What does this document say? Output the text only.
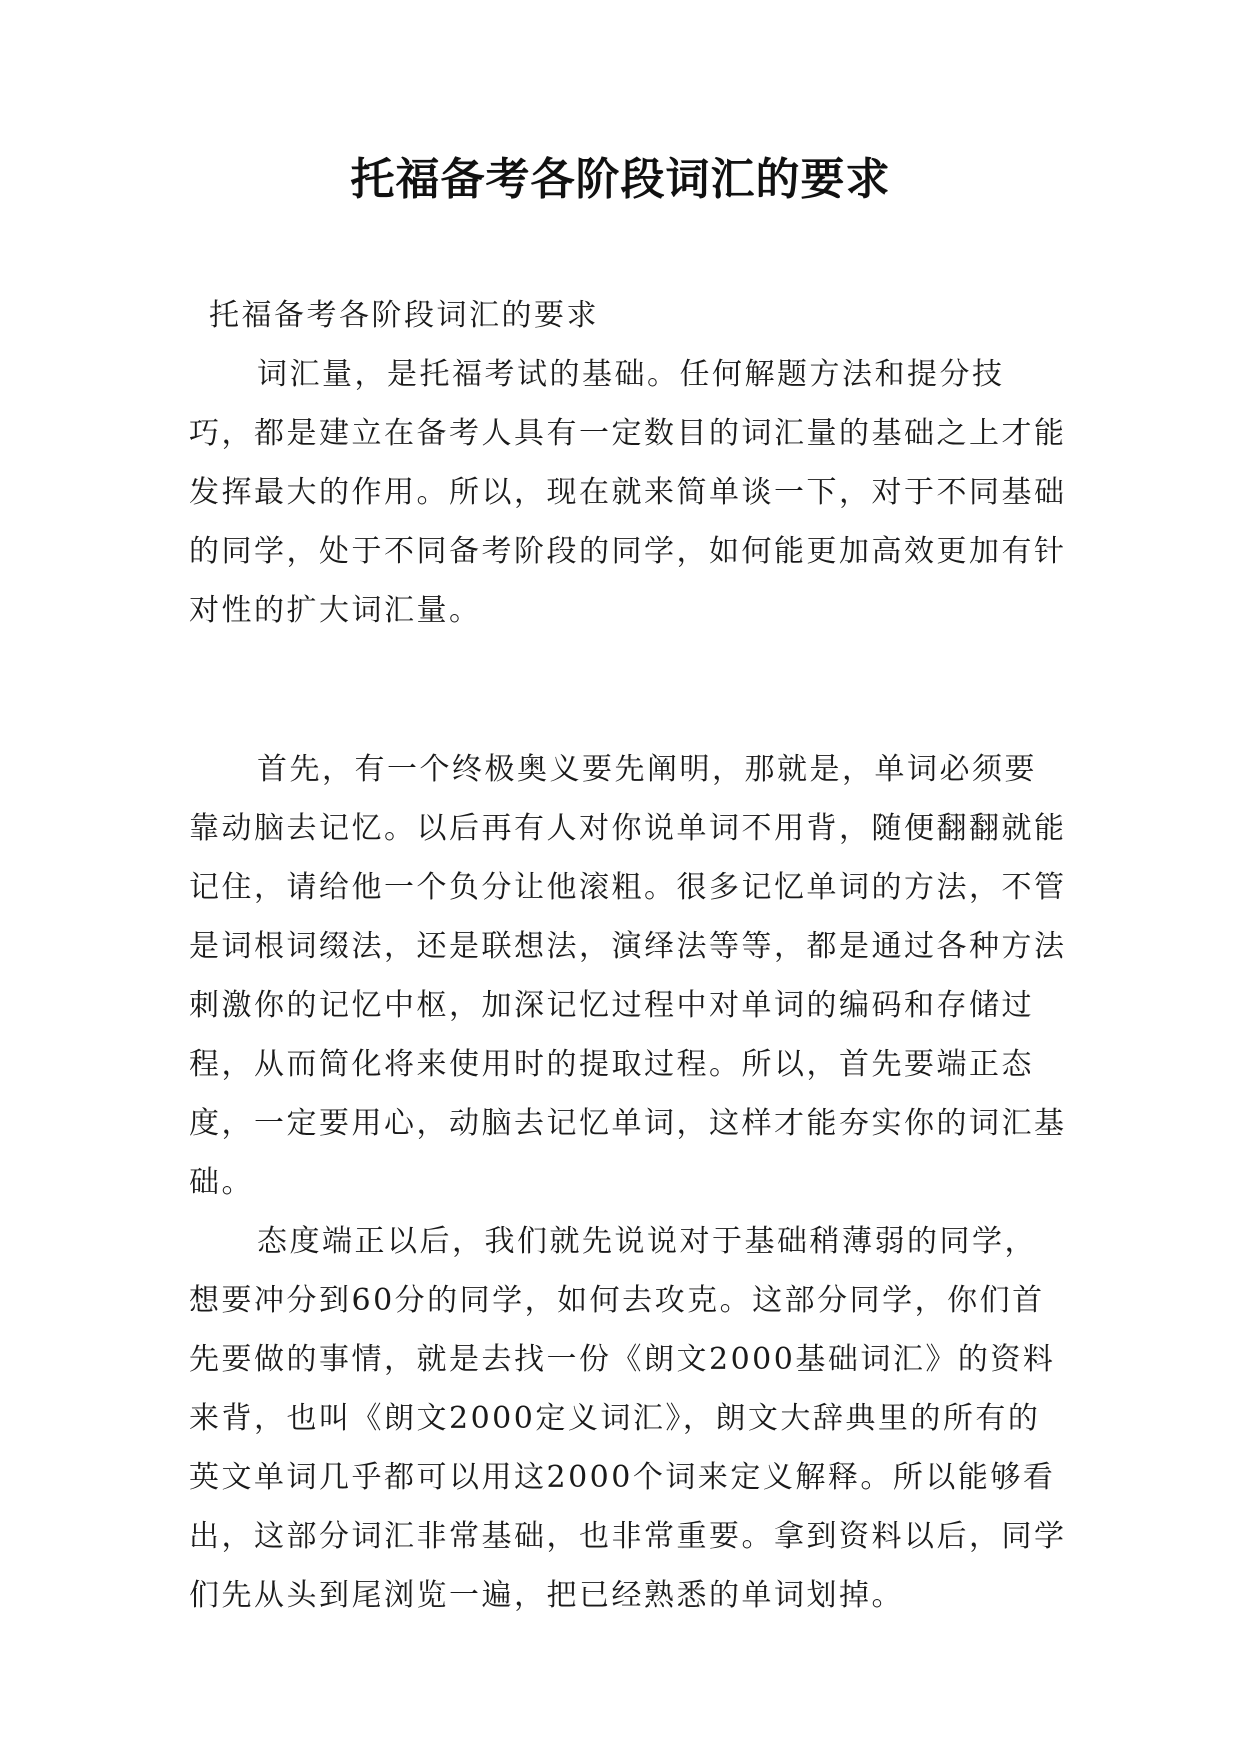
托福备考各阶段词汇的要求

托福备考各阶段词汇的要求

词汇量，是托福考试的基础。任何解题方法和提分技巧，都是建立在备考人具有一定数目的词汇量的基础之上才能发挥最大的作用。所以，现在就来简单谈一下，对于不同基础的同学，处于不同备考阶段的同学，如何能更加高效更加有针对性的扩大词汇量。

首先，有一个终极奥义要先阐明，那就是，单词必须要靠动脑去记忆。以后再有人对你说单词不用背，随便翻翻就能记住，请给他一个负分让他滚粗。很多记忆单词的方法，不管是词根词缀法，还是联想法，演绎法等等，都是通过各种方法刺激你的记忆中枢，加深记忆过程中对单词的编码和存储过程，从而简化将来使用时的提取过程。所以，首先要端正态度，一定要用心，动脑去记忆单词，这样才能夯实你的词汇基础。

态度端正以后，我们就先说说对于基础稍薄弱的同学，想要冲分到60分的同学，如何去攻克。这部分同学，你们首先要做的事情，就是去找一份《朗文2000基础词汇》的资料来背，也叫《朗文2000定义词汇》，朗文大辞典里的所有的英文单词几乎都可以用这2000个词来定义解释。所以能够看出，这部分词汇非常基础，也非常重要。拿到资料以后，同学们先从头到尾浏览一遍，把已经熟悉的单词划掉。
